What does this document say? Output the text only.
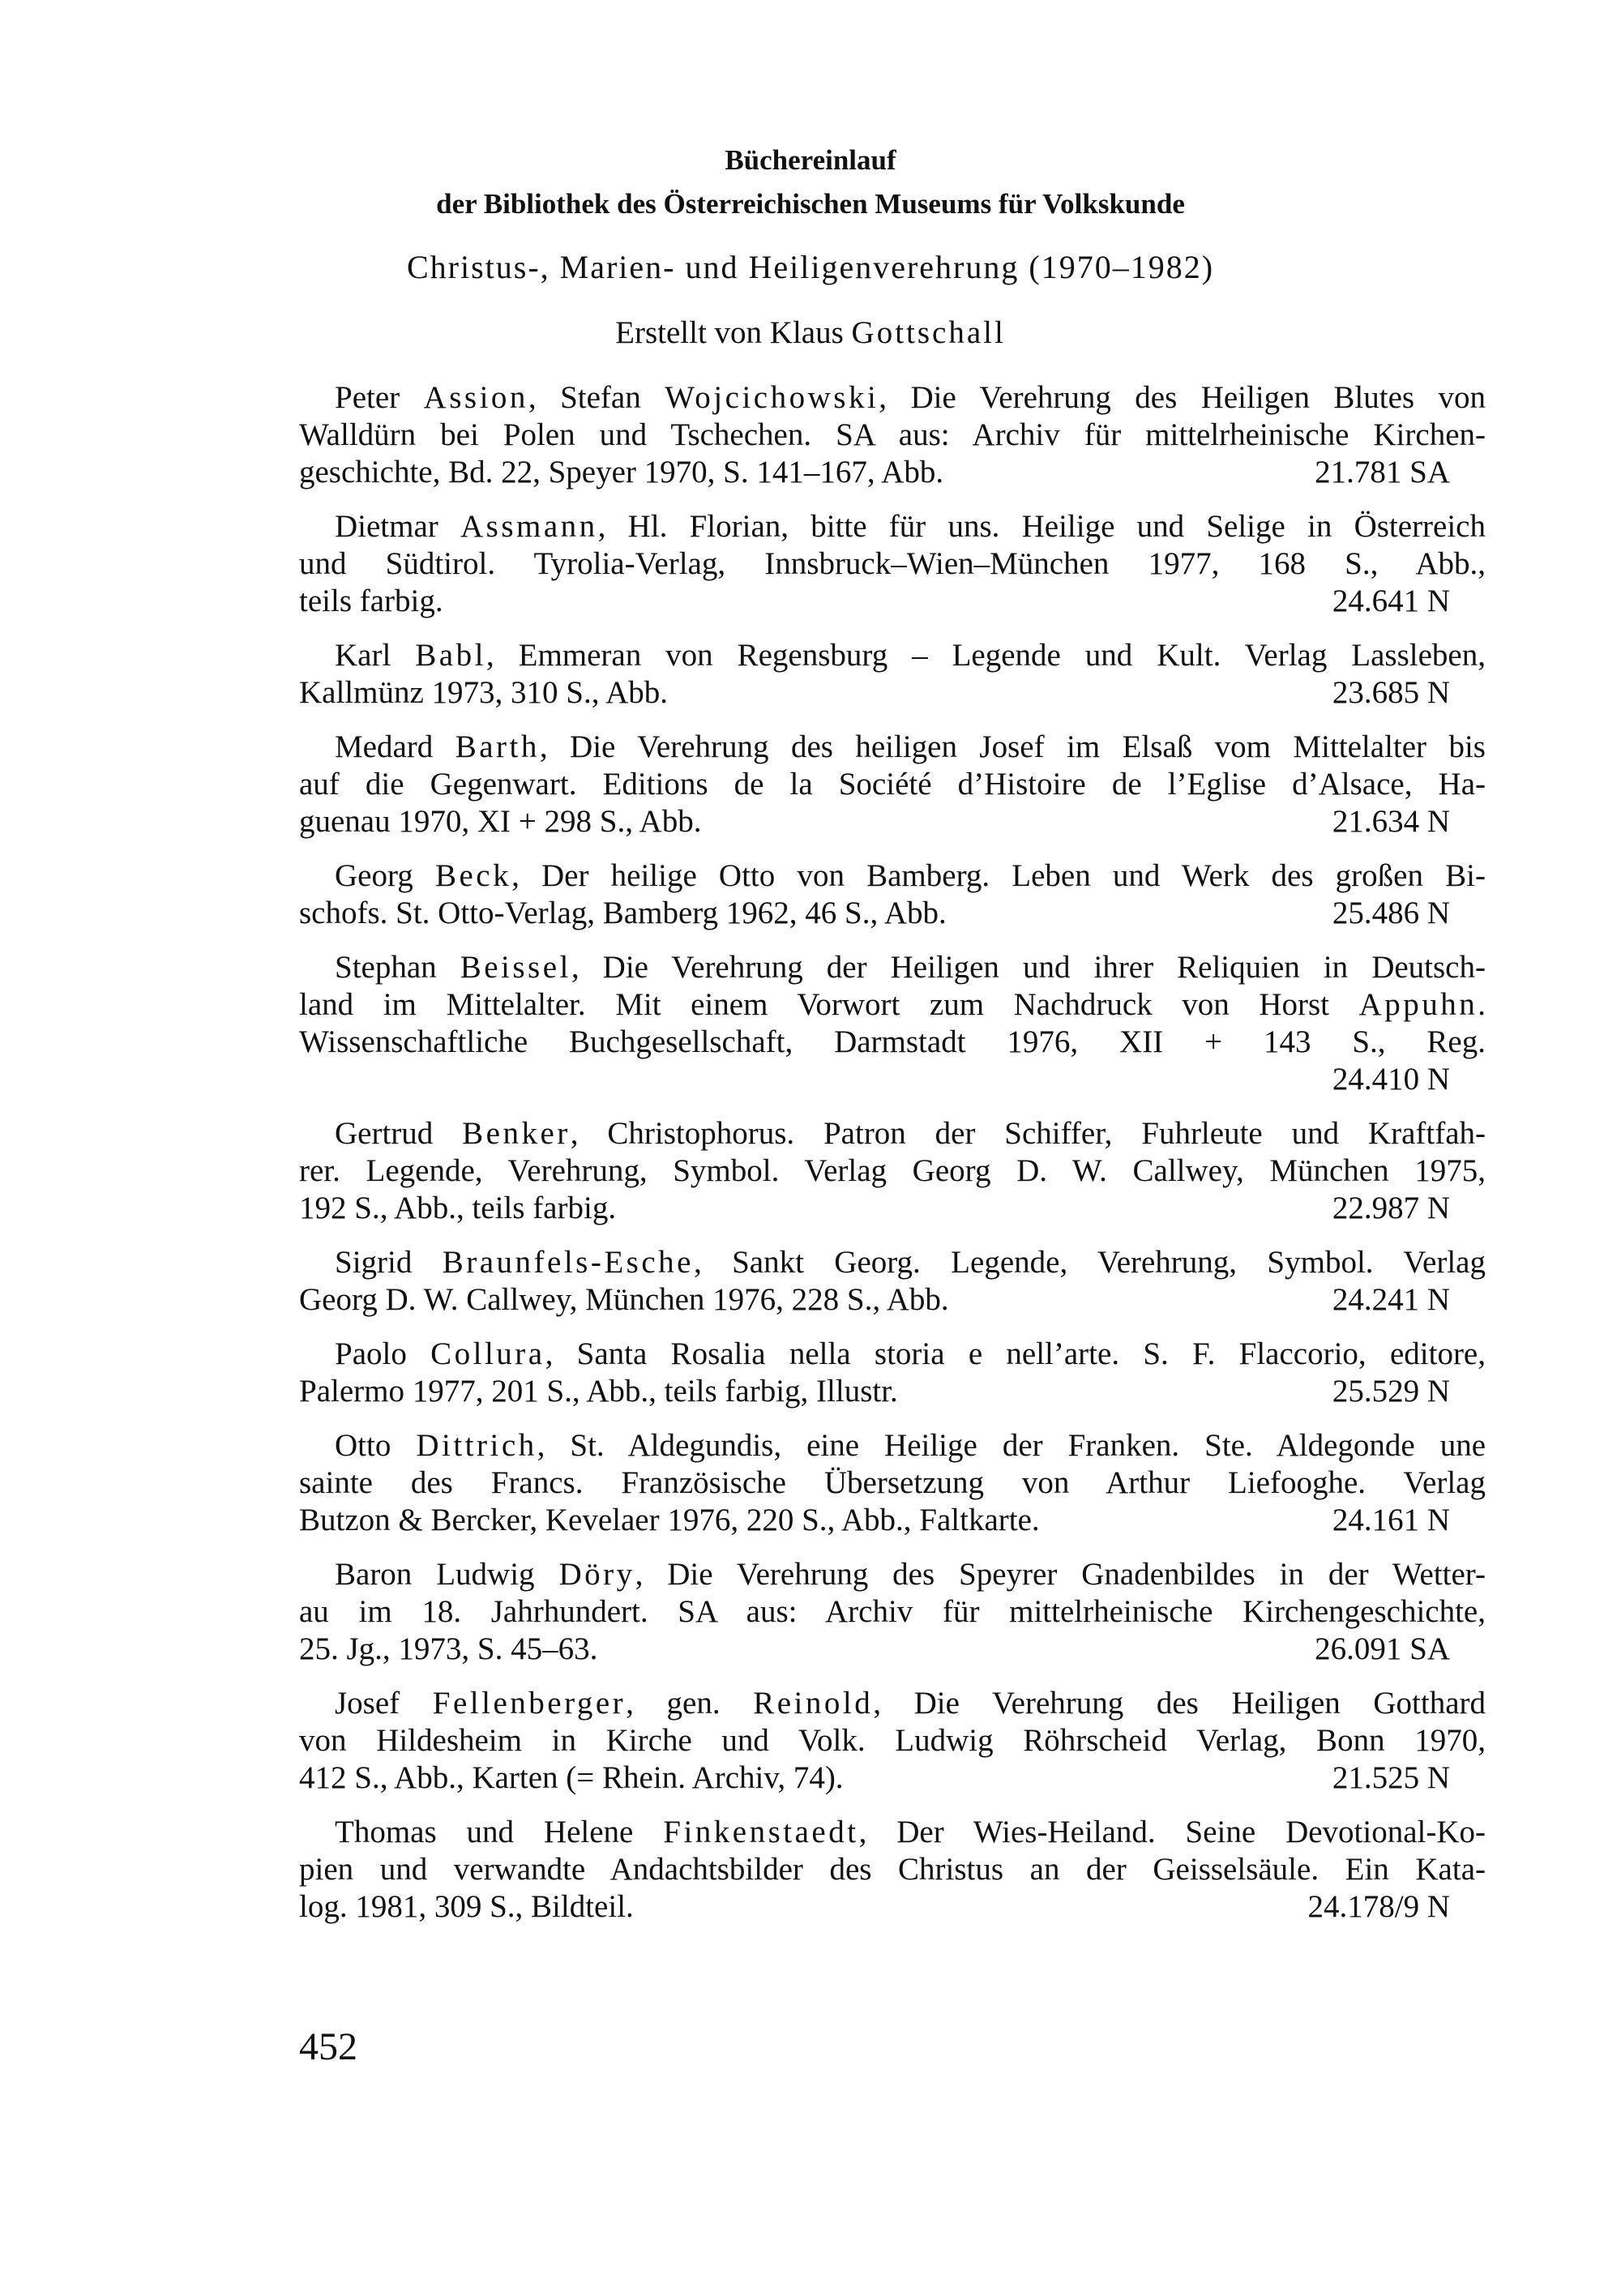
Büchereinlauf
der Bibliothek des Österreichischen Museums für Volkskunde
Christus-, Marien- und Heiligenverehrung (1970–1982)
Erstellt von Klaus Gottschall
Peter Assion, Stefan Wojcichowski, Die Verehrung des Heiligen Blutes von
Walldürn bei Polen und Tschechen. SA aus: Archiv für mittelrheinische Kirchen-
geschichte, Bd. 22, Speyer 1970, S. 141–167, Abb.	21.781 SA
Dietmar Assmann, Hl. Florian, bitte für uns. Heilige und Selige in Österreich
und Südtirol. Tyrolia-Verlag, Innsbruck–Wien–München 1977, 168 S., Abb.,
teils farbig.	24.641 N
Karl Babl, Emmeran von Regensburg – Legende und Kult. Verlag Lassleben,
Kallmünz 1973, 310 S., Abb.	23.685 N
Medard Barth, Die Verehrung des heiligen Josef im Elsaß vom Mittelalter bis
auf die Gegenwart. Editions de la Société d’Histoire de l’Eglise d’Alsace, Ha-
guenau 1970, XI + 298 S., Abb.	21.634 N
Georg Beck, Der heilige Otto von Bamberg. Leben und Werk des großen Bi-
schofs. St. Otto-Verlag, Bamberg 1962, 46 S., Abb.	25.486 N
Stephan Beissel, Die Verehrung der Heiligen und ihrer Reliquien in Deutsch-
land im Mittelalter. Mit einem Vorwort zum Nachdruck von Horst Appuhn.
Wissenschaftliche Buchgesellschaft, Darmstadt 1976, XII + 143 S., Reg.
24.410 N
Gertrud Benker, Christophorus. Patron der Schiffer, Fuhrleute und Kraftfah-
rer. Legende, Verehrung, Symbol. Verlag Georg D. W. Callwey, München 1975,
192 S., Abb., teils farbig.	22.987 N
Sigrid Braunfels-Esche, Sankt Georg. Legende, Verehrung, Symbol. Verlag
Georg D. W. Callwey, München 1976, 228 S., Abb.	24.241 N
Paolo Collura, Santa Rosalia nella storia e nell’arte. S. F. Flaccorio, editore,
Palermo 1977, 201 S., Abb., teils farbig, Illustr.	25.529 N
Otto Dittrich, St. Aldegundis, eine Heilige der Franken. Ste. Aldegonde une
sainte des Francs. Französische Übersetzung von Arthur Liefooghe. Verlag
Butzon & Bercker, Kevelaer 1976, 220 S., Abb., Faltkarte.	24.161 N
Baron Ludwig Döry, Die Verehrung des Speyrer Gnadenbildes in der Wetter-
au im 18. Jahrhundert. SA aus: Archiv für mittelrheinische Kirchengeschichte,
25. Jg., 1973, S. 45–63.	26.091 SA
Josef Fellenberger, gen. Reinold, Die Verehrung des Heiligen Gotthard
von Hildesheim in Kirche und Volk. Ludwig Röhrscheid Verlag, Bonn 1970,
412 S., Abb., Karten (= Rhein. Archiv, 74).	21.525 N
Thomas und Helene Finkenstaedt, Der Wies-Heiland. Seine Devotional-Ko-
pien und verwandte Andachtsbilder des Christus an der Geisselsäule. Ein Kata-
log. 1981, 309 S., Bildteil.	24.178/9 N
452
